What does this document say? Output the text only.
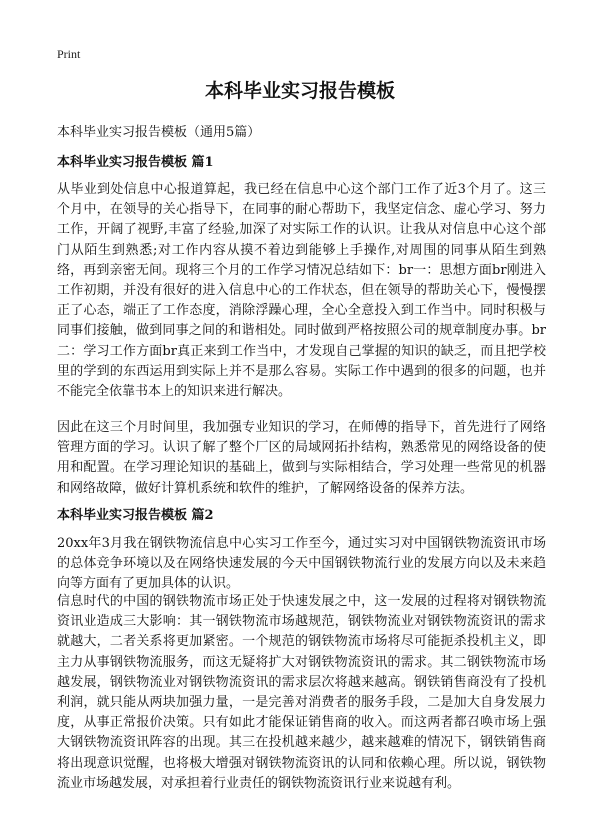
Print
本科毕业实习报告模板
本科毕业实习报告模板（通用5篇）
本科毕业实习报告模板 篇1

从毕业到处信息中心报道算起，我已经在信息中心这个部门工作了近3个月了。这三个月中，在领导的关心指导下，在同事的耐心帮助下，我坚定信念、虚心学习、努力工作，开阔了视野,丰富了经验,加深了对实际工作的认识。让我从对信息中心这个部门从陌生到熟悉;对工作内容从摸不着边到能够上手操作,对周围的同事从陌生到熟络，再到亲密无间。现将三个月的工作学习情况总结如下：br一：思想方面br刚进入工作初期，并没有很好的进入信息中心的工作状态，但在领导的帮助关心下，慢慢摆正了心态，端正了工作态度，消除浮躁心理，全心全意投入到工作当中。同时积极与同事们接触，做到同事之间的和谐相处。同时做到严格按照公司的规章制度办事。br二：学习工作方面br真正来到工作当中，才发现自己掌握的知识的缺乏，而且把学校里的学到的东西运用到实际上并不是那么容易。实际工作中遇到的很多的问题，也并不能完全依靠书本上的知识来进行解决。

因此在这三个月时间里，我加强专业知识的学习，在师傅的指导下，首先进行了网络管理方面的学习。认识了解了整个厂区的局域网拓扑结构，熟悉常见的网络设备的使用和配置。在学习理论知识的基础上，做到与实际相结合，学习处理一些常见的机器和网络故障，做好计算机系统和软件的维护，了解网络设备的保养方法。

本科毕业实习报告模板 篇2

20xx年3月我在钢铁物流信息中心实习工作至今，通过实习对中国钢铁物流资讯市场的总体竞争环境以及在网络快速发展的今天中国钢铁物流行业的发展方向以及未来趋向等方面有了更加具体的认识。

信息时代的中国的钢铁物流市场正处于快速发展之中，这一发展的过程将对钢铁物流资讯业造成三大影响：其一钢铁物流市场越规范，钢铁物流业对钢铁物流资讯的需求就越大，二者关系将更加紧密。一个规范的钢铁物流市场将尽可能扼杀投机主义，即主力从事钢铁物流服务，而这无疑将扩大对钢铁物流资讯的需求。其二钢铁物流市场越发展，钢铁物流业对钢铁物流资讯的需求层次将越来越高。钢铁销售商没有了投机利润，就只能从两块加强力量，一是完善对消费者的服务手段，二是加大自身发展力度，从事正常报价决策。只有如此才能保证销售商的收入。而这两者都召唤市场上强大钢铁物流资讯阵容的出现。其三在投机越来越少，越来越难的情况下，钢铁销售商将出现意识觉醒，也将极大增强对钢铁物流资讯的认同和依赖心理。所以说，钢铁物流业市场越发展，对承担着行业责任的钢铁物流资讯行业来说越有利。
